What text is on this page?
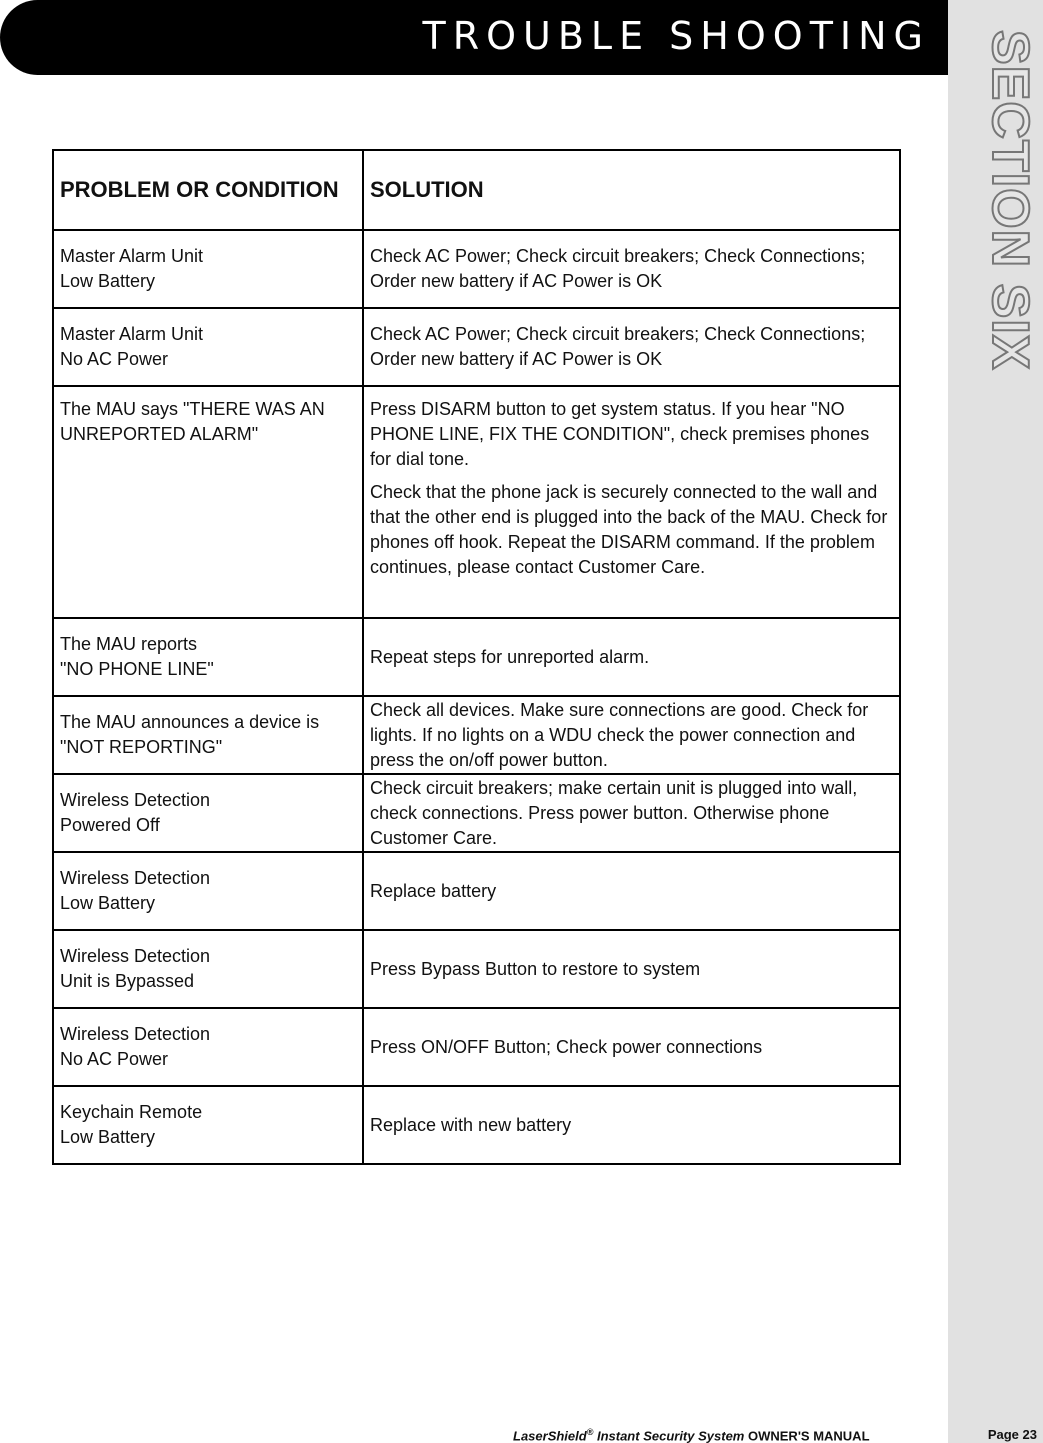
TROUBLE SHOOTING SECTION SIX
PROBLEM OR CONDITION	SOLUTION
Master Alarm Unit
Low Battery	Check AC Power; Check circuit breakers; Check Connections; Order new battery if AC Power is OK
Master Alarm Unit
No AC Power	Check AC Power; Check circuit breakers; Check Connections; Order new battery if AC Power is OK
The MAU says "THERE WAS AN UNREPORTED ALARM"	Press DISARM button to get system status. If you hear "NO PHONE LINE, FIX THE CONDITION", check premises phones for dial tone.

Check that the phone jack is securely connected to the wall and that the other end is plugged into the back of the MAU. Check for phones off hook. Repeat the DISARM command. If the problem continues, please contact Customer Care.

The MAU reports
"NO PHONE LINE"	Repeat steps for unreported alarm.
The MAU announces a device is "NOT REPORTING"	Check all devices. Make sure connections are good. Check for lights. If no lights on a WDU check the power connection and press the on/off power button.
Wireless Detection
Powered Off	Check circuit breakers; make certain unit is plugged into wall, check connections. Press power button. Otherwise phone Customer Care.
Wireless Detection
Low Battery	Replace battery
Wireless Detection
Unit is Bypassed	Press Bypass Button to restore to system
Wireless Detection
No AC Power	Press ON/OFF Button; Check power connections
Keychain Remote
Low Battery	Replace with new battery
LaserShield® Instant Security System OWNER'S MANUAL	Page 23
